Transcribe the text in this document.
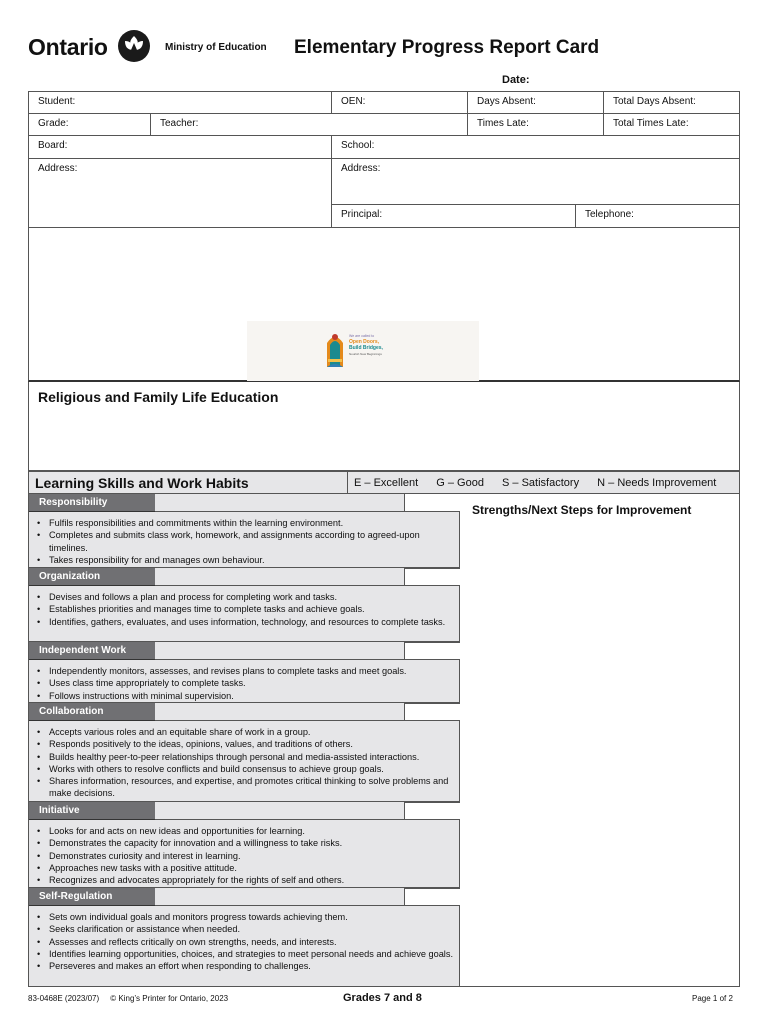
Ontario	Ministry of Education Elementary Progress Report Card
Date:
Student:	OEN:	Days Absent:	Total Days Absent:
Grade:	Teacher:	Times Late:	Total Times Late:
Board:	School:
Address:	Address:
Principal:	Telephone:
We are called to
Open Doors,
Build Bridges,
Nourish New Beginnings
Religious and Family Life Education
Learning Skills and Work Habits	E – Excellent G – Good S – Satisfactory N – Needs Improvement
Responsibility
• Fulfils responsibilities and commitments within the learning environment.
• Completes and submits class work, homework, and assignments according to agreed-upon timelines.
• Takes responsibility for and manages own behaviour.
Organization
• Devises and follows a plan and process for completing work and tasks.
• Establishes priorities and manages time to complete tasks and achieve goals.
• Identifies, gathers, evaluates, and uses information, technology, and resources to complete tasks.
Independent Work
• Independently monitors, assesses, and revises plans to complete tasks and meet goals.
• Uses class time appropriately to complete tasks.
• Follows instructions with minimal supervision.
Collaboration
• Accepts various roles and an equitable share of work in a group.
• Responds positively to the ideas, opinions, values, and traditions of others.
• Builds healthy peer-to-peer relationships through personal and media-assisted interactions.
• Works with others to resolve conflicts and build consensus to achieve group goals.
• Shares information, resources, and expertise, and promotes critical thinking to solve problems and make decisions.
Initiative
• Looks for and acts on new ideas and opportunities for learning.
• Demonstrates the capacity for innovation and a willingness to take risks.
• Demonstrates curiosity and interest in learning.
• Approaches new tasks with a positive attitude.
• Recognizes and advocates appropriately for the rights of self and others.
Self-Regulation
• Sets own individual goals and monitors progress towards achieving them.
• Seeks clarification or assistance when needed.
• Assesses and reflects critically on own strengths, needs, and interests.
• Identifies learning opportunities, choices, and strategies to meet personal needs and achieve goals.
• Perseveres and makes an effort when responding to challenges.
Strengths/Next Steps for Improvement
83-0468E (2023/07) © King’s Printer for Ontario, 2023	Grades 7 and 8	Page 1 of 2
